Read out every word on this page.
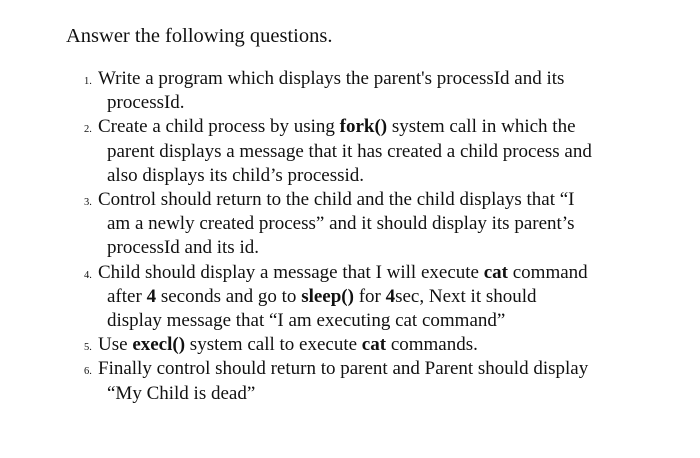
Answer the following questions.
1. Write a program which displays the parent's processId and its
processId.
2. Create a child process by using fork() system call in which the
parent displays a message that it has created a child process and
also displays its child’s processid.
3. Control should return to the child and the child displays that “I
am a newly created process” and it should display its parent’s
processId and its id.
4. Child should display a message that I will execute cat command
after 4 seconds and go to sleep() for 4sec, Next it should
display message that “I am executing cat command”
5. Use execl() system call to execute cat commands.
6. Finally control should return to parent and Parent should display
“My Child is dead”
